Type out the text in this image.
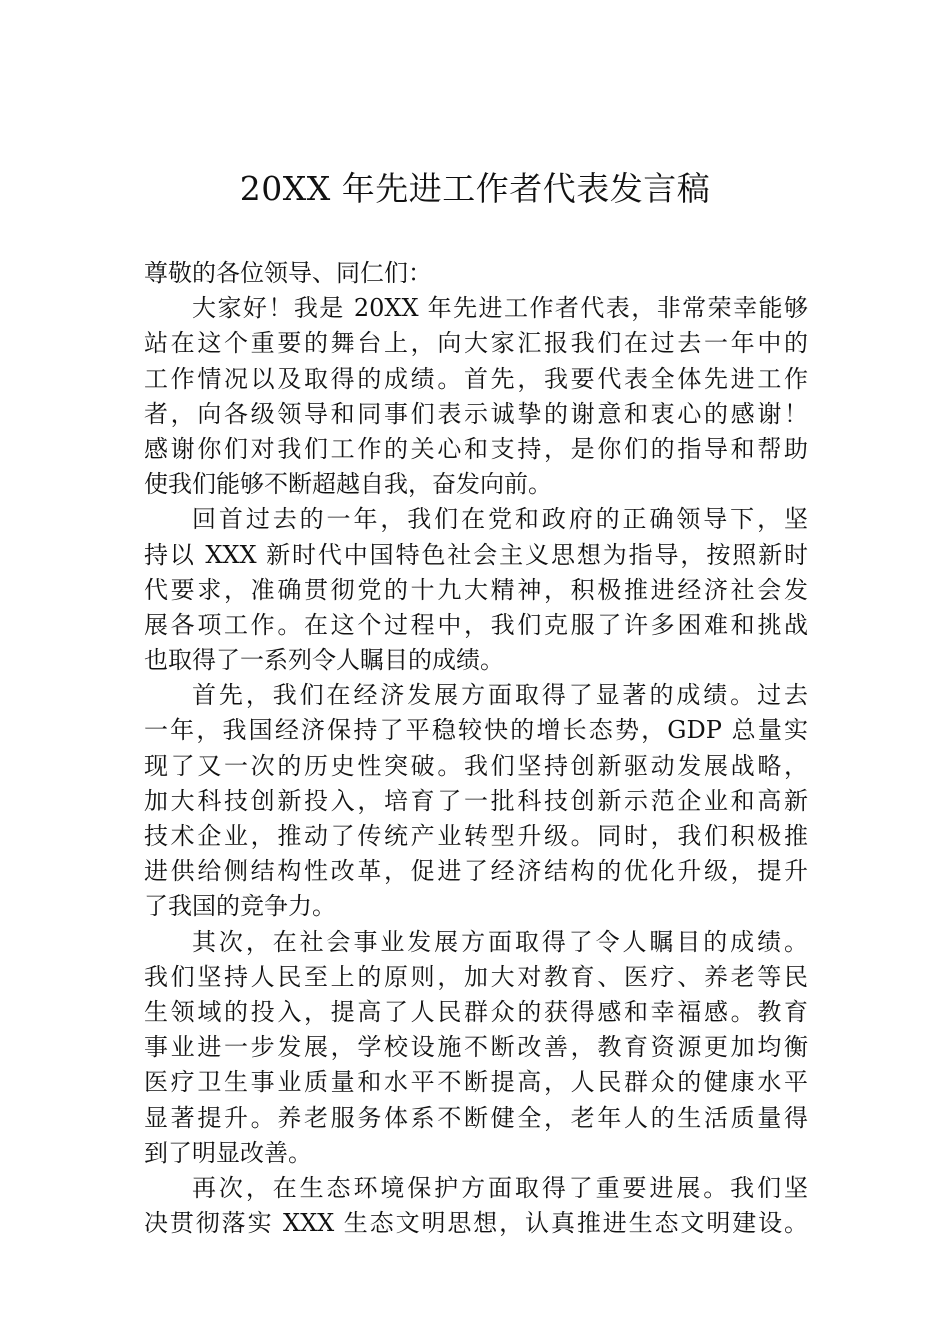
20XX 年先进工作者代表发言稿
尊敬的各位领导、同仁们：
大家好！我是 20XX 年先进工作者代表，非常荣幸能够
站在这个重要的舞台上，向大家汇报我们在过去一年中的
工作情况以及取得的成绩。首先，我要代表全体先进工作
者，向各级领导和同事们表示诚挚的谢意和衷心的感谢！
感谢你们对我们工作的关心和支持，是你们的指导和帮助
使我们能够不断超越自我，奋发向前。
回首过去的一年，我们在党和政府的正确领导下，坚
持以 XXX 新时代中国特色社会主义思想为指导，按照新时
代要求，准确贯彻党的十九大精神，积极推进经济社会发
展各项工作。在这个过程中，我们克服了许多困难和挑战
也取得了一系列令人瞩目的成绩。
首先，我们在经济发展方面取得了显著的成绩。过去
一年，我国经济保持了平稳较快的增长态势，GDP 总量实
现了又一次的历史性突破。我们坚持创新驱动发展战略，
加大科技创新投入，培育了一批科技创新示范企业和高新
技术企业，推动了传统产业转型升级。同时，我们积极推
进供给侧结构性改革，促进了经济结构的优化升级，提升
了我国的竞争力。
其次，在社会事业发展方面取得了令人瞩目的成绩。
我们坚持人民至上的原则，加大对教育、医疗、养老等民
生领域的投入，提高了人民群众的获得感和幸福感。教育
事业进一步发展，学校设施不断改善，教育资源更加均衡
医疗卫生事业质量和水平不断提高，人民群众的健康水平
显著提升。养老服务体系不断健全，老年人的生活质量得
到了明显改善。
再次，在生态环境保护方面取得了重要进展。我们坚
决贯彻落实 XXX 生态文明思想，认真推进生态文明建设。
